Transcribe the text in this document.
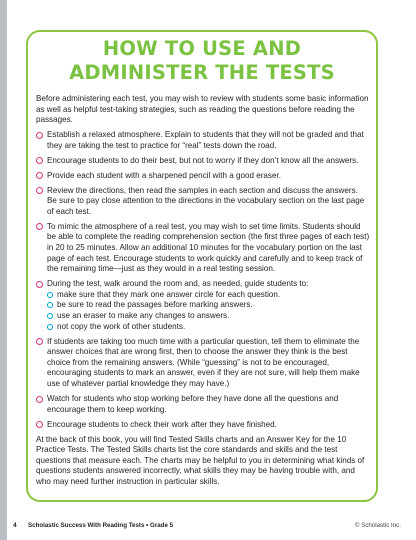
HOW TO USE AND
ADMINISTER THE TESTS

Before administering each test, you may wish to review with students some basic information as well as helpful test-taking strategies, such as reading the questions before reading the passages.

Establish a relaxed atmosphere. Explain to students that they will not be graded and that they are taking the test to practice for “real” tests down the road.
Encourage students to do their best, but not to worry if they don’t know all the answers.
Provide each student with a sharpened pencil with a good eraser.
Review the directions, then read the samples in each section and discuss the answers. Be sure to pay close attention to the directions in the vocabulary section on the last page of each test.
To mimic the atmosphere of a real test, you may wish to set time limits. Students should be able to complete the reading comprehension section (the first three pages of each test) in 20 to 25 minutes. Allow an additional 10 minutes for the vocabulary portion on the last page of each test. Encourage students to work quickly and carefully and to keep track of the remaining time—just as they would in a real testing session.
During the test, walk around the room and, as needed, guide students to:
make sure that they mark one answer circle for each question.
be sure to read the passages before marking answers.
use an eraser to make any changes to answers.
not copy the work of other students.
If students are taking too much time with a particular question, tell them to eliminate the answer choices that are wrong first, then to choose the answer they think is the best choice from the remaining answers. (While “guessing” is not to be encouraged, encouraging students to mark an answer, even if they are not sure, will help them make use of whatever partial knowledge they may have.)
Watch for students who stop working before they have done all the questions and encourage them to keep working.
Encourage students to check their work after they have finished.

At the back of this book, you will find Tested Skills charts and an Answer Key for the 10 Practice Tests. The Tested Skills charts list the core standards and skills and the test questions that measure each. The charts may be helpful to you in determining what kinds of questions students answered incorrectly, what skills they may be having trouble with, and who may need further instruction in particular skills.

4 Scholastic Success With Reading Tests • Grade 5	© Scholastic Inc.
